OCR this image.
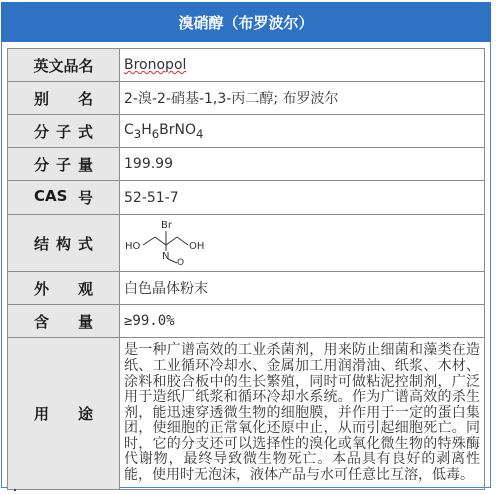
溴硝醇（布罗波尔）
英文品名	Bronopol

别 名	2-溴-2-硝基-1,3-丙二醇; 布罗波尔

分 子 式	$C_3H_6BrNO_4$

分 子 量	199.99

CAS 号	52-51-7

结 构 式	Br
N
O
HO OH

外 观	白色晶体粉末

含 量	≥99.0%

用 途	是一种广谱高效的工业杀菌剂，用来防止细菌和藻类在造纸、工业循环冷却水、金属加工用润滑油、纸浆、木材、涂料和胶合板中的生长繁殖，同时可做粘泥控制剂，广泛用于造纸厂纸浆和循环冷却水系统。作为广谱高效的杀生剂，能迅速穿透微生物的细胞膜，并作用于一定的蛋白集团，使细胞的正常氧化还原中止，从而引起细胞死亡。同时，它的分支还可以选择性的溴化或氧化微生物的特殊酶代谢物，最终导致微生物死亡。本品具有良好的剥离性能，使用时无泡沫，液体产品与水可任意比互溶，低毒。
